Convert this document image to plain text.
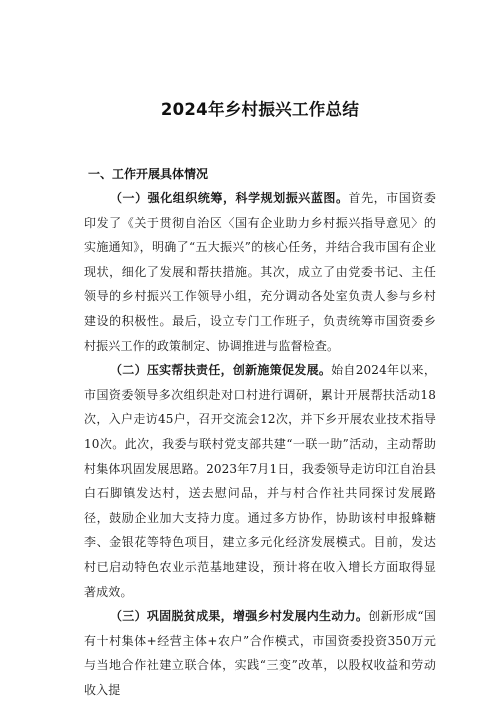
2024年乡村振兴工作总结
一、工作开展具体情况

（一）强化组织统筹，科学规划振兴蓝图。首先，市国资委印发了《关于贯彻自治区〈国有企业助力乡村振兴指导意见〉的实施通知》，明确了“五大振兴”的核心任务，并结合我市国有企业现状，细化了发展和帮扶措施。其次，成立了由党委书记、主任领导的乡村振兴工作领导小组，充分调动各处室负责人参与乡村建设的积极性。最后，设立专门工作班子，负责统筹市国资委乡村振兴工作的政策制定、协调推进与监督检查。

（二）压实帮扶责任，创新施策促发展。始自2024年以来，市国资委领导多次组织赴对口村进行调研，累计开展帮扶活动18次，入户走访45户，召开交流会12次，并下乡开展农业技术指导10次。此次，我委与联村党支部共建“一联一助”活动，主动帮助村集体巩固发展思路。2023年7月1日，我委领导走访印江自治县白石脚镇发达村，送去慰问品，并与村合作社共同探讨发展路径，鼓励企业加大支持力度。通过多方协作，协助该村申报蜂糖李、金银花等特色项目，建立多元化经济发展模式。目前，发达村已启动特色农业示范基地建设，预计将在收入增长方面取得显著成效。

（三）巩固脱贫成果，增强乡村发展内生动力。创新形成“国有十村集体+经营主体+农户”合作模式，市国资委投资350万元与当地合作社建立联合体，实践“三变”改革，以股权收益和劳动收入提
